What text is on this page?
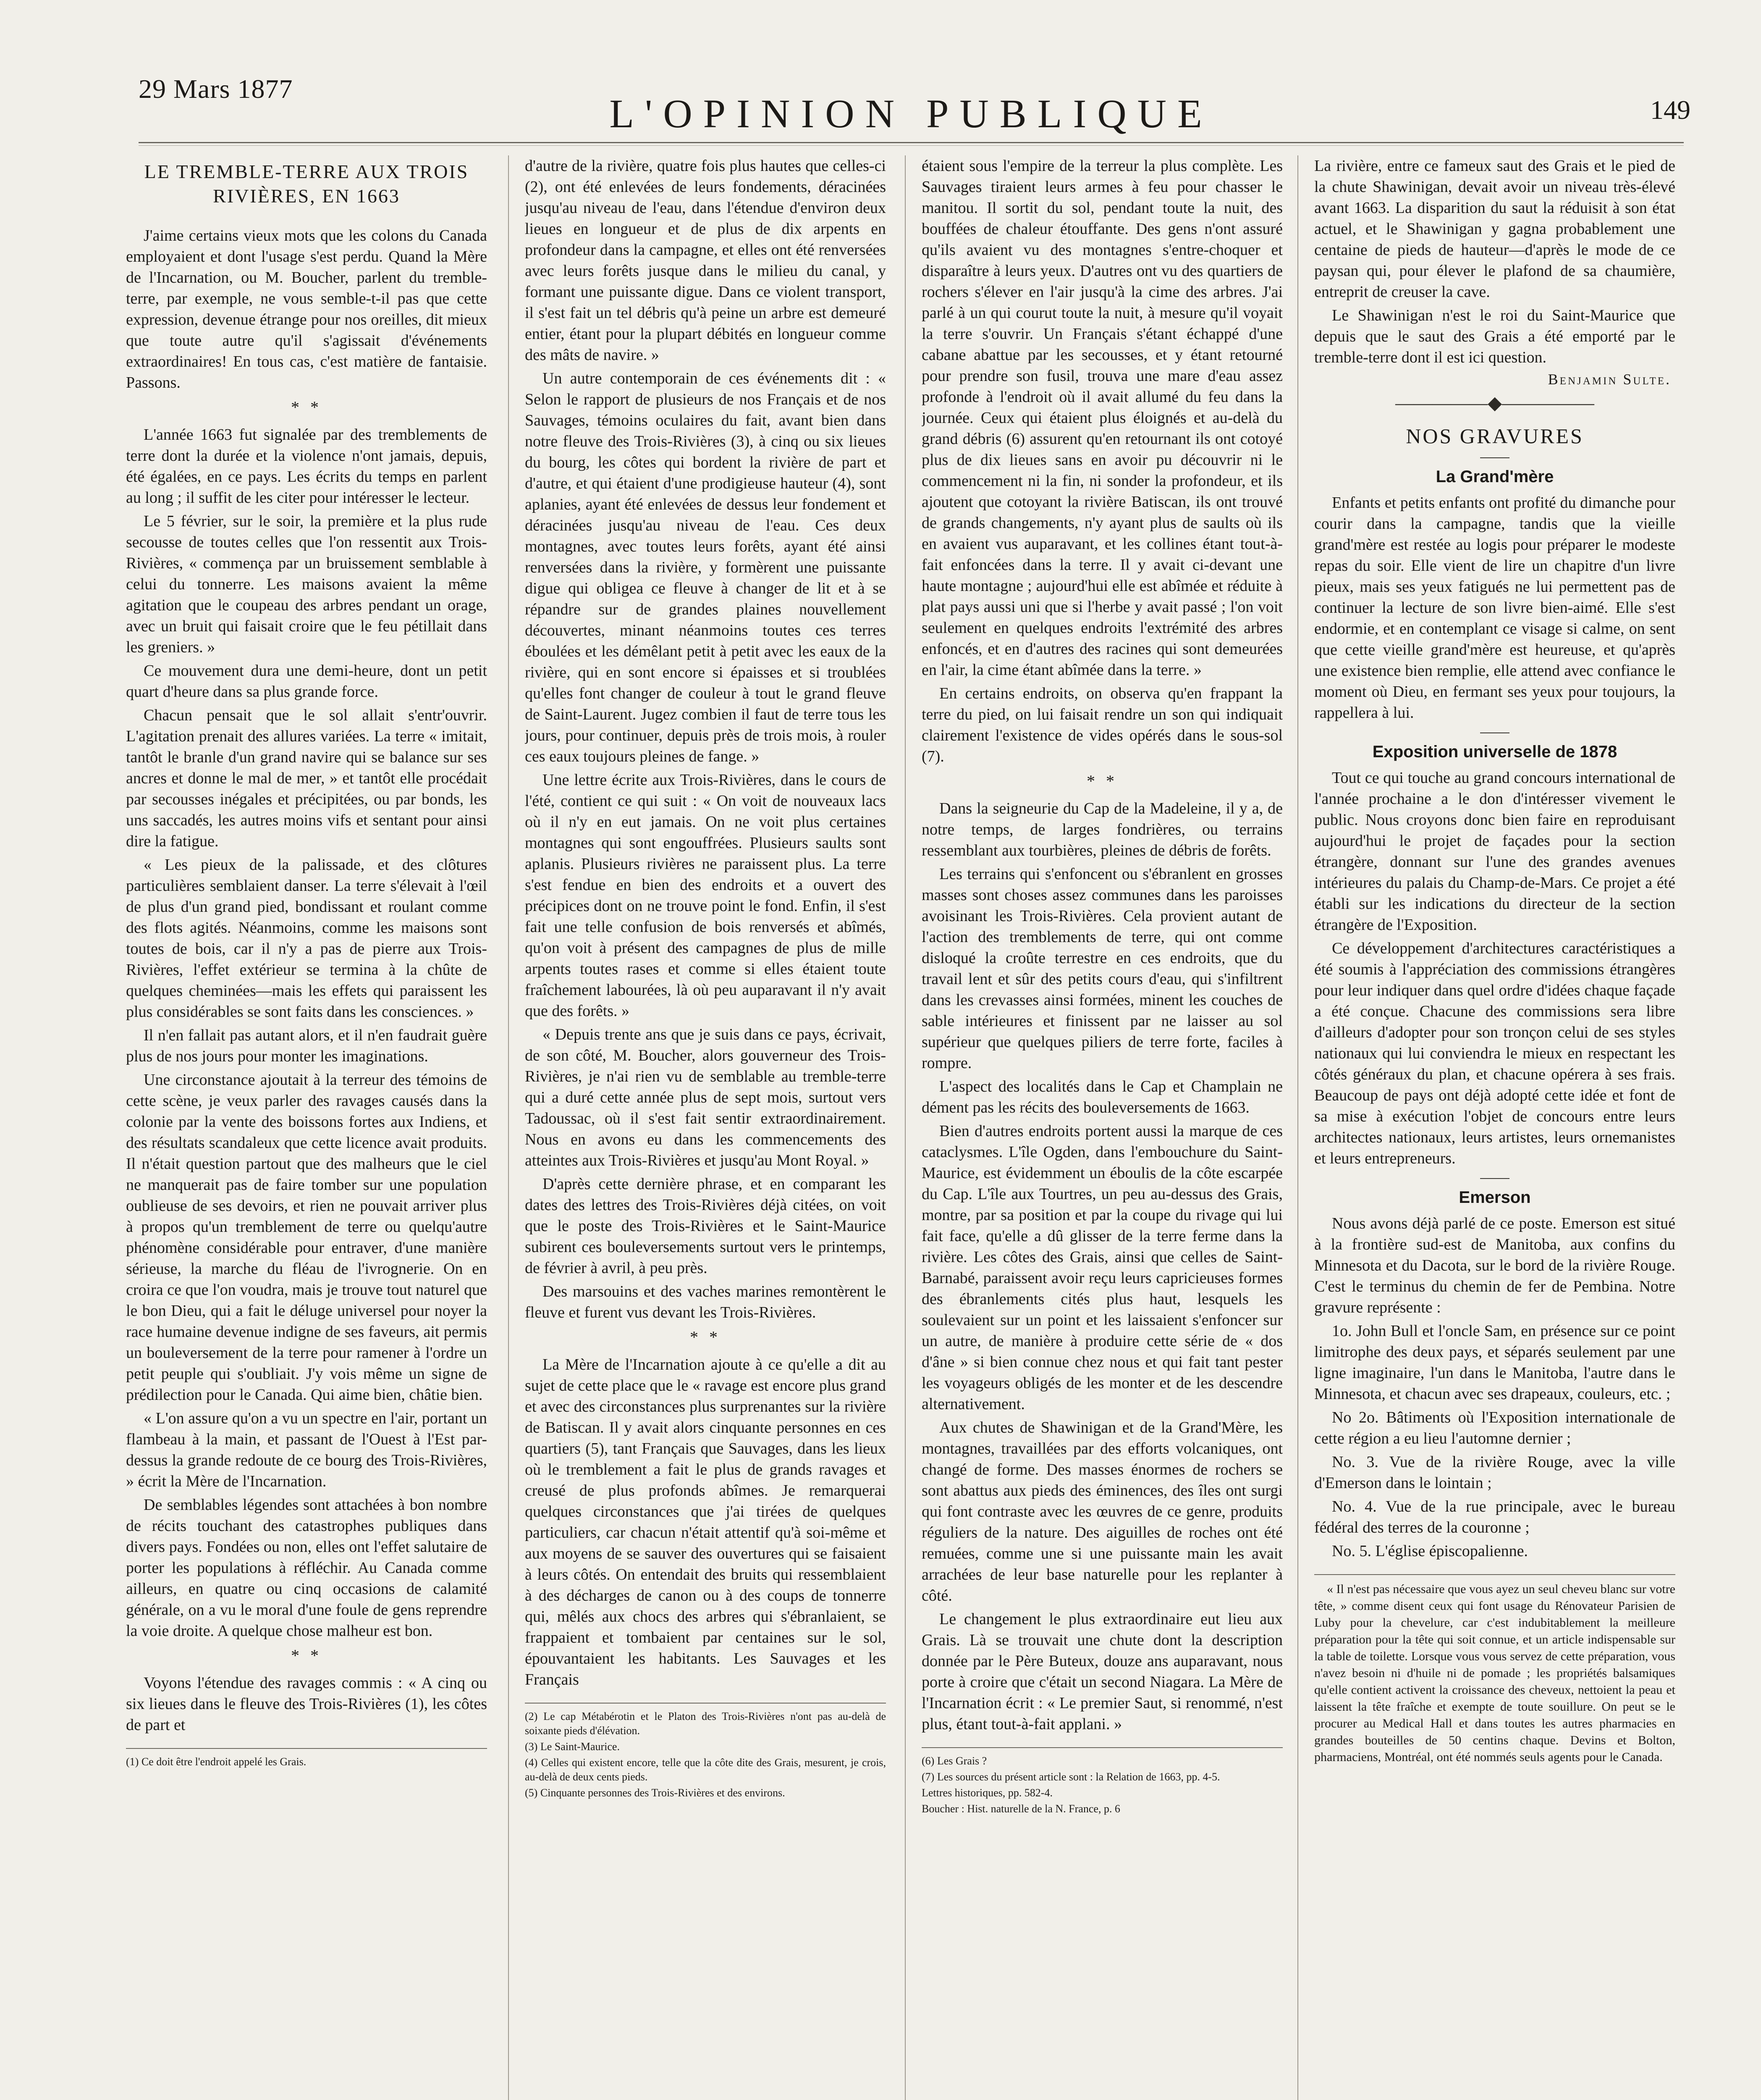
29 Mars 1877
L'OPINION PUBLIQUE	149
LE TREMBLE-TERRE AUX TROIS RIVIÈRES, EN 1663

J'aime certains vieux mots que les colons du Canada employaient et dont l'usage s'est perdu. Quand la Mère de l'Incarnation, ou M. Boucher, parlent du tremble-terre, par exemple, ne vous semble-t-il pas que cette expression, devenue étrange pour nos oreilles, dit mieux que toute autre qu'il s'agissait d'événements extraordinaires! En tous cas, c'est matière de fantaisie. Passons.

* *

L'année 1663 fut signalée par des tremblements de terre dont la durée et la violence n'ont jamais, depuis, été égalées, en ce pays. Les écrits du temps en parlent au long ; il suffit de les citer pour intéresser le lecteur.

Le 5 février, sur le soir, la première et la plus rude secousse de toutes celles que l'on ressentit aux Trois-Rivières, « commença par un bruissement semblable à celui du tonnerre. Les maisons avaient la même agitation que le coupeau des arbres pendant un orage, avec un bruit qui faisait croire que le feu pétillait dans les greniers. »

Ce mouvement dura une demi-heure, dont un petit quart d'heure dans sa plus grande force.

Chacun pensait que le sol allait s'entr'ouvrir. L'agitation prenait des allures variées. La terre « imitait, tantôt le branle d'un grand navire qui se balance sur ses ancres et donne le mal de mer, » et tantôt elle procédait par secousses inégales et précipitées, ou par bonds, les uns saccadés, les autres moins vifs et sentant pour ainsi dire la fatigue.

« Les pieux de la palissade, et des clôtures particulières semblaient danser. La terre s'élevait à l'œil de plus d'un grand pied, bondissant et roulant comme des flots agités. Néanmoins, comme les maisons sont toutes de bois, car il n'y a pas de pierre aux Trois-Rivières, l'effet extérieur se termina à la chûte de quelques cheminées—mais les effets qui paraissent les plus considérables se sont faits dans les consciences. »

Il n'en fallait pas autant alors, et il n'en faudrait guère plus de nos jours pour monter les imaginations.

Une circonstance ajoutait à la terreur des témoins de cette scène, je veux parler des ravages causés dans la colonie par la vente des boissons fortes aux Indiens, et des résultats scandaleux que cette licence avait produits. Il n'était question partout que des malheurs que le ciel ne manquerait pas de faire tomber sur une population oublieuse de ses devoirs, et rien ne pouvait arriver plus à propos qu'un tremblement de terre ou quelqu'autre phénomène considérable pour entraver, d'une manière sérieuse, la marche du fléau de l'ivrognerie. On en croira ce que l'on voudra, mais je trouve tout naturel que le bon Dieu, qui a fait le déluge universel pour noyer la race humaine devenue indigne de ses faveurs, ait permis un bouleversement de la terre pour ramener à l'ordre un petit peuple qui s'oubliait. J'y vois même un signe de prédilection pour le Canada. Qui aime bien, châtie bien.

« L'on assure qu'on a vu un spectre en l'air, portant un flambeau à la main, et passant de l'Ouest à l'Est par-dessus la grande redoute de ce bourg des Trois-Rivières, » écrit la Mère de l'Incarnation.

De semblables légendes sont attachées à bon nombre de récits touchant des catastrophes publiques dans divers pays. Fondées ou non, elles ont l'effet salutaire de porter les populations à réfléchir. Au Canada comme ailleurs, en quatre ou cinq occasions de calamité générale, on a vu le moral d'une foule de gens reprendre la voie droite. A quelque chose malheur est bon.

* *

Voyons l'étendue des ravages commis : « A cinq ou six lieues dans le fleuve des Trois-Rivières (1), les côtes de part et

(1) Ce doit être l'endroit appelé les Grais.

d'autre de la rivière, quatre fois plus hautes que celles-ci (2), ont été enlevées de leurs fondements, déracinées jusqu'au niveau de l'eau, dans l'étendue d'environ deux lieues en longueur et de plus de dix arpents en profondeur dans la campagne, et elles ont été renversées avec leurs forêts jusque dans le milieu du canal, y formant une puissante digue. Dans ce violent transport, il s'est fait un tel débris qu'à peine un arbre est demeuré entier, étant pour la plupart débités en longueur comme des mâts de navire. »

Un autre contemporain de ces événements dit : « Selon le rapport de plusieurs de nos Français et de nos Sauvages, témoins oculaires du fait, avant bien dans notre fleuve des Trois-Rivières (3), à cinq ou six lieues du bourg, les côtes qui bordent la rivière de part et d'autre, et qui étaient d'une prodigieuse hauteur (4), sont aplanies, ayant été enlevées de dessus leur fondement et déracinées jusqu'au niveau de l'eau. Ces deux montagnes, avec toutes leurs forêts, ayant été ainsi renversées dans la rivière, y formèrent une puissante digue qui obligea ce fleuve à changer de lit et à se répandre sur de grandes plaines nouvellement découvertes, minant néanmoins toutes ces terres éboulées et les démêlant petit à petit avec les eaux de la rivière, qui en sont encore si épaisses et si troublées qu'elles font changer de couleur à tout le grand fleuve de Saint-Laurent. Jugez combien il faut de terre tous les jours, pour continuer, depuis près de trois mois, à rouler ces eaux toujours pleines de fange. »

Une lettre écrite aux Trois-Rivières, dans le cours de l'été, contient ce qui suit : « On voit de nouveaux lacs où il n'y en eut jamais. On ne voit plus certaines montagnes qui sont engouffrées. Plusieurs saults sont aplanis. Plusieurs rivières ne paraissent plus. La terre s'est fendue en bien des endroits et a ouvert des précipices dont on ne trouve point le fond. Enfin, il s'est fait une telle confusion de bois renversés et abîmés, qu'on voit à présent des campagnes de plus de mille arpents toutes rases et comme si elles étaient toute fraîchement labourées, là où peu auparavant il n'y avait que des forêts. »

« Depuis trente ans que je suis dans ce pays, écrivait, de son côté, M. Boucher, alors gouverneur des Trois-Rivières, je n'ai rien vu de semblable au tremble-terre qui a duré cette année plus de sept mois, surtout vers Tadoussac, où il s'est fait sentir extraordinairement. Nous en avons eu dans les commencements des atteintes aux Trois-Rivières et jusqu'au Mont Royal. »

D'après cette dernière phrase, et en comparant les dates des lettres des Trois-Rivières déjà citées, on voit que le poste des Trois-Rivières et le Saint-Maurice subirent ces bouleversements surtout vers le printemps, de février à avril, à peu près.

Des marsouins et des vaches marines remontèrent le fleuve et furent vus devant les Trois-Rivières.

* *

La Mère de l'Incarnation ajoute à ce qu'elle a dit au sujet de cette place que le « ravage est encore plus grand et avec des circonstances plus surprenantes sur la rivière de Batiscan. Il y avait alors cinquante personnes en ces quartiers (5), tant Français que Sauvages, dans les lieux où le tremblement a fait le plus de grands ravages et creusé de plus profonds abîmes. Je remarquerai quelques circonstances que j'ai tirées de quelques particuliers, car chacun n'était attentif qu'à soi-même et aux moyens de se sauver des ouvertures qui se faisaient à leurs côtés. On entendait des bruits qui ressemblaient à des décharges de canon ou à des coups de tonnerre qui, mêlés aux chocs des arbres qui s'ébranlaient, se frappaient et tombaient par centaines sur le sol, épouvantaient les habitants. Les Sauvages et les Français

(2) Le cap Métabérotin et le Platon des Trois-Rivières n'ont pas au-delà de soixante pieds d'élévation.
(3) Le Saint-Maurice.
(4) Celles qui existent encore, telle que la côte dite des Grais, mesurent, je crois, au-delà de deux cents pieds.
(5) Cinquante personnes des Trois-Rivières et des environs.

étaient sous l'empire de la terreur la plus complète. Les Sauvages tiraient leurs armes à feu pour chasser le manitou. Il sortit du sol, pendant toute la nuit, des bouffées de chaleur étouffante. Des gens n'ont assuré qu'ils avaient vu des montagnes s'entre-choquer et disparaître à leurs yeux. D'autres ont vu des quartiers de rochers s'élever en l'air jusqu'à la cime des arbres. J'ai parlé à un qui courut toute la nuit, à mesure qu'il voyait la terre s'ouvrir. Un Français s'étant échappé d'une cabane abattue par les secousses, et y étant retourné pour prendre son fusil, trouva une mare d'eau assez profonde à l'endroit où il avait allumé du feu dans la journée. Ceux qui étaient plus éloignés et au-delà du grand débris (6) assurent qu'en retournant ils ont cotoyé plus de dix lieues sans en avoir pu découvrir ni le commencement ni la fin, ni sonder la profondeur, et ils ajoutent que cotoyant la rivière Batiscan, ils ont trouvé de grands changements, n'y ayant plus de saults où ils en avaient vus auparavant, et les collines étant tout-à-fait enfoncées dans la terre. Il y avait ci-devant une haute montagne ; aujourd'hui elle est abîmée et réduite à plat pays aussi uni que si l'herbe y avait passé ; l'on voit seulement en quelques endroits l'extrémité des arbres enfoncés, et en d'autres des racines qui sont demeurées en l'air, la cime étant abîmée dans la terre. »

En certains endroits, on observa qu'en frappant la terre du pied, on lui faisait rendre un son qui indiquait clairement l'existence de vides opérés dans le sous-sol (7).

* *

Dans la seigneurie du Cap de la Madeleine, il y a, de notre temps, de larges fondrières, ou terrains ressemblant aux tourbières, pleines de débris de forêts.

Les terrains qui s'enfoncent ou s'ébranlent en grosses masses sont choses assez communes dans les paroisses avoisinant les Trois-Rivières. Cela provient autant de l'action des tremblements de terre, qui ont comme disloqué la croûte terrestre en ces endroits, que du travail lent et sûr des petits cours d'eau, qui s'infiltrent dans les crevasses ainsi formées, minent les couches de sable intérieures et finissent par ne laisser au sol supérieur que quelques piliers de terre forte, faciles à rompre.

L'aspect des localités dans le Cap et Champlain ne dément pas les récits des bouleversements de 1663.

Bien d'autres endroits portent aussi la marque de ces cataclysmes. L'île Ogden, dans l'embouchure du Saint-Maurice, est évidemment un éboulis de la côte escarpée du Cap. L'île aux Tourtres, un peu au-dessus des Grais, montre, par sa position et par la coupe du rivage qui lui fait face, qu'elle a dû glisser de la terre ferme dans la rivière. Les côtes des Grais, ainsi que celles de Saint-Barnabé, paraissent avoir reçu leurs capricieuses formes des ébranlements cités plus haut, lesquels les soulevaient sur un point et les laissaient s'enfoncer sur un autre, de manière à produire cette série de « dos d'âne » si bien connue chez nous et qui fait tant pester les voyageurs obligés de les monter et de les descendre alternativement.

Aux chutes de Shawinigan et de la Grand'Mère, les montagnes, travaillées par des efforts volcaniques, ont changé de forme. Des masses énormes de rochers se sont abattus aux pieds des éminences, des îles ont surgi qui font contraste avec les œuvres de ce genre, produits réguliers de la nature. Des aiguilles de roches ont été remuées, comme une si une puissante main les avait arrachées de leur base naturelle pour les replanter à côté.

Le changement le plus extraordinaire eut lieu aux Grais. Là se trouvait une chute dont la description donnée par le Père Buteux, douze ans auparavant, nous porte à croire que c'était un second Niagara. La Mère de l'Incarnation écrit : « Le premier Saut, si renommé, n'est plus, étant tout-à-fait applani. »

(6) Les Grais ?
(7) Les sources du présent article sont : la Relation de 1663, pp. 4-5.
Lettres historiques, pp. 582-4.
Boucher : Hist. naturelle de la N. France, p. 6

La rivière, entre ce fameux saut des Grais et le pied de la chute Shawinigan, devait avoir un niveau très-élevé avant 1663. La disparition du saut la réduisit à son état actuel, et le Shawinigan y gagna probablement une centaine de pieds de hauteur—d'après le mode de ce paysan qui, pour élever le plafond de sa chaumière, entreprit de creuser la cave.

Le Shawinigan n'est le roi du Saint-Maurice que depuis que le saut des Grais a été emporté par le tremble-terre dont il est ici question.

Benjamin Sulte.
—————◆—————
NOS GRAVURES
La Grand'mère

Enfants et petits enfants ont profité du dimanche pour courir dans la campagne, tandis que la vieille grand'mère est restée au logis pour préparer le modeste repas du soir. Elle vient de lire un chapitre d'un livre pieux, mais ses yeux fatigués ne lui permettent pas de continuer la lecture de son livre bien-aimé. Elle s'est endormie, et en contemplant ce visage si calme, on sent que cette vieille grand'mère est heureuse, et qu'après une existence bien remplie, elle attend avec confiance le moment où Dieu, en fermant ses yeux pour toujours, la rappellera à lui.

Exposition universelle de 1878

Tout ce qui touche au grand concours international de l'année prochaine a le don d'intéresser vivement le public. Nous croyons donc bien faire en reproduisant aujourd'hui le projet de façades pour la section étrangère, donnant sur l'une des grandes avenues intérieures du palais du Champ-de-Mars. Ce projet a été établi sur les indications du directeur de la section étrangère de l'Exposition.

Ce développement d'architectures caractéristiques a été soumis à l'appréciation des commissions étrangères pour leur indiquer dans quel ordre d'idées chaque façade a été conçue. Chacune des commissions sera libre d'ailleurs d'adopter pour son tronçon celui de ses styles nationaux qui lui conviendra le mieux en respectant les côtés généraux du plan, et chacune opérera à ses frais. Beaucoup de pays ont déjà adopté cette idée et font de sa mise à exécution l'objet de concours entre leurs architectes nationaux, leurs artistes, leurs ornemanistes et leurs entrepreneurs.

Emerson

Nous avons déjà parlé de ce poste. Emerson est situé à la frontière sud-est de Manitoba, aux confins du Minnesota et du Dacota, sur le bord de la rivière Rouge. C'est le terminus du chemin de fer de Pembina. Notre gravure représente :

1o. John Bull et l'oncle Sam, en présence sur ce point limitrophe des deux pays, et séparés seulement par une ligne imaginaire, l'un dans le Manitoba, l'autre dans le Minnesota, et chacun avec ses drapeaux, couleurs, etc. ;

No 2o. Bâtiments où l'Exposition internationale de cette région a eu lieu l'automne dernier ;

No. 3. Vue de la rivière Rouge, avec la ville d'Emerson dans le lointain ;

No. 4. Vue de la rue principale, avec le bureau fédéral des terres de la couronne ;

No. 5. L'église épiscopalienne.

« Il n'est pas nécessaire que vous ayez un seul cheveu blanc sur votre tête, » comme disent ceux qui font usage du Rénovateur Parisien de Luby pour la chevelure, car c'est indubitablement la meilleure préparation pour la tête qui soit connue, et un article indispensable sur la table de toilette. Lorsque vous vous servez de cette préparation, vous n'avez besoin ni d'huile ni de pomade ; les propriétés balsamiques qu'elle contient activent la croissance des cheveux, nettoient la peau et laissent la tête fraîche et exempte de toute souillure. On peut se le procurer au Medical Hall et dans toutes les autres pharmacies en grandes bouteilles de 50 centins chaque. Devins et Bolton, pharmaciens, Montréal, ont été nommés seuls agents pour le Canada.
